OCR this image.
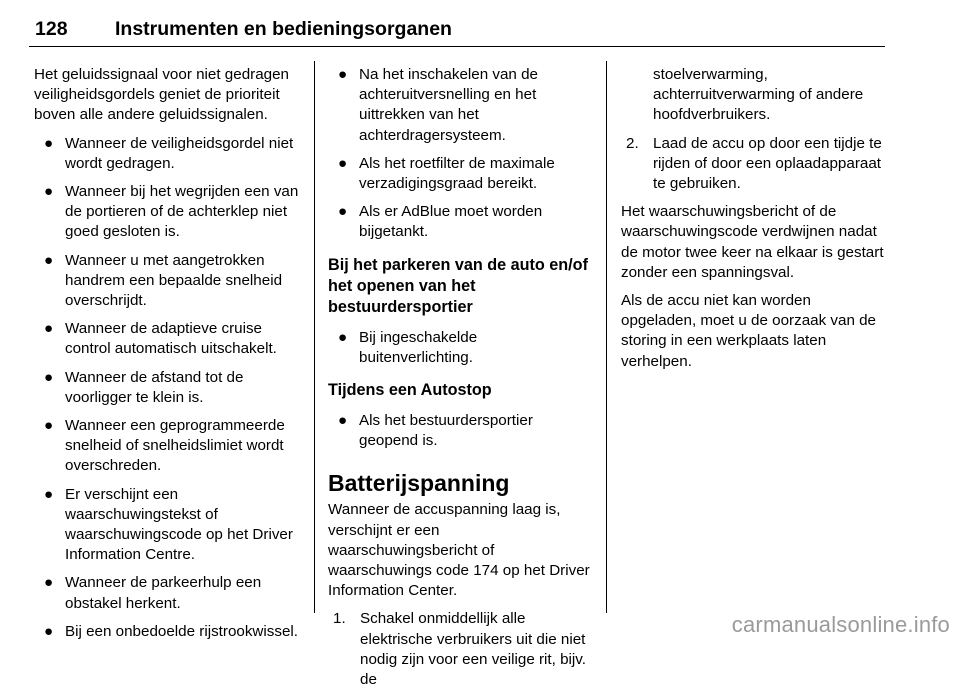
128 Instrumenten en bedieningsorganen

Het geluidssignaal voor niet gedragen veiligheidsgordels geniet de prioriteit boven alle andere geluidssignalen.

● Wanneer de veiligheidsgordel niet wordt gedragen.
● Wanneer bij het wegrijden een van de portieren of de achterklep niet goed gesloten is.
● Wanneer u met aangetrokken handrem een bepaalde snelheid overschrijdt.
● Wanneer de adaptieve cruise control automatisch uitschakelt.
● Wanneer de afstand tot de voorligger te klein is.
● Wanneer een geprogrammeerde snelheid of snelheidslimiet wordt overschreden.
● Er verschijnt een waarschuwingstekst of waarschuwingscode op het Driver Information Centre.
● Wanneer de parkeerhulp een obstakel herkent.
● Bij een onbedoelde rijstrookwissel.
● Na het inschakelen van de achteruitversnelling en het uittrekken van het achterdragersysteem.
● Als het roetfilter de maximale verzadigingsgraad bereikt.
● Als er AdBlue moet worden bijgetankt.
Bij het parkeren van de auto en/of het openen van het bestuurdersportier
● Bij ingeschakelde buitenverlichting.
Tijdens een Autostop
● Als het bestuurdersportier geopend is.
Batterijspanning

Wanneer de accuspanning laag is, verschijnt er een waarschuwingsbericht of waarschuwings code 174 op het Driver Information Center.

1. Schakel onmiddellijk alle elektrische verbruikers uit die niet nodig zijn voor een veilige rit, bijv. de
stoelverwarming, achterruitverwarming of andere hoofdverbruikers.
2. Laad de accu op door een tijdje te rijden of door een oplaadapparaat te gebruiken.

Het waarschuwingsbericht of de waarschuwingscode verdwijnen nadat de motor twee keer na elkaar is gestart zonder een spanningsval.

Als de accu niet kan worden opgeladen, moet u de oorzaak van de storing in een werkplaats laten verhelpen.

carmanualsonline.info
